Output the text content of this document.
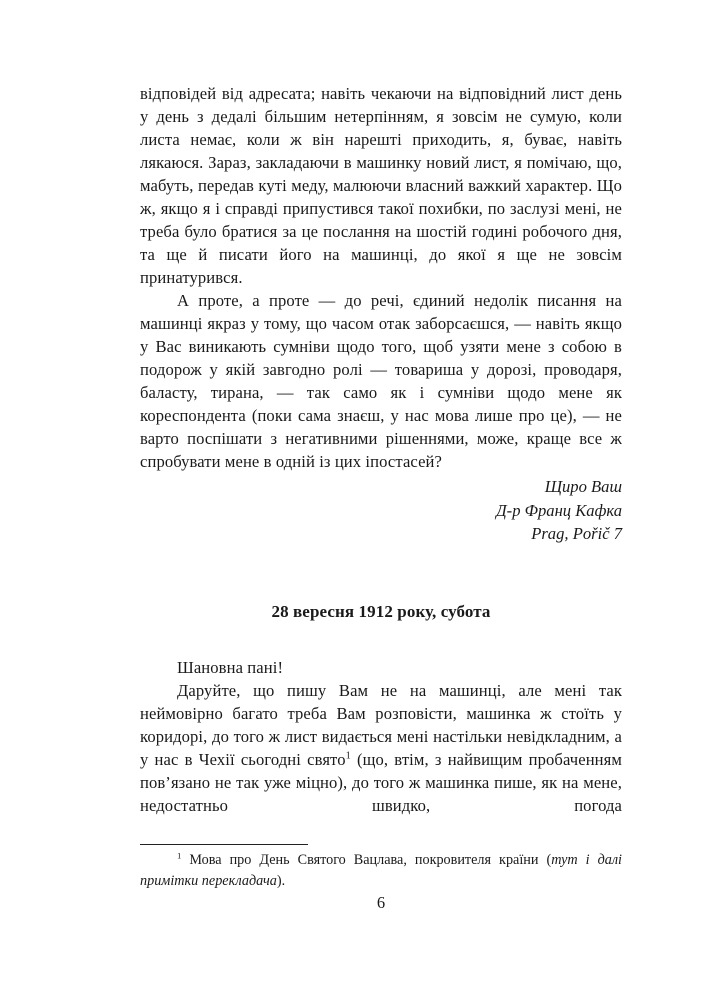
відповідей від адресата; навіть чекаючи на відповідний лист день у день з дедалі більшим нетерпінням, я зовсім не сумую, коли листа немає, коли ж він нарешті приходить, я, буває, навіть лякаюся. Зараз, закладаючи в машинку новий лист, я помічаю, що, мабуть, передав куті меду, малюючи власний важкий характер. Що ж, якщо я і справді припустився такої похибки, по заслузі мені, не треба було братися за це послання на шостій годині робочого дня, та ще й писати його на машинці, до якої я ще не зовсім принатурився.

А проте, а проте — до речі, єдиний недолік писання на машинці якраз у тому, що часом отак заборсаєшся, — навіть якщо у Вас виникають сумніви щодо того, щоб узяти мене з собою в подорож у якій завгодно ролі — товариша у дорозі, проводаря, баласту, тирана, — так само як і сумніви щодо мене як кореспондента (поки сама знаєш, у нас мова лише про це), — не варто поспішати з негативними рішеннями, може, краще все ж спробувати мене в одній із цих іпостасей?

Щиро Ваш
Д-р Франц Кафка
Prag, Pořič 7
28 вересня 1912 року, субота

Шановна пані!

Даруйте, що пишу Вам не на машинці, але мені так неймовірно багато треба Вам розповісти, машинка ж стоїть у коридорі, до того ж лист видається мені настільки невідкладним, а у нас в Чехії сьогодні свято$^1$ (що, втім, з найвищим пробаченням пов’язано не так уже міцно), до того ж машинка пише, як на мене, недостатньо швидко, погода

$^1$ Мова про День Святого Вацлава, покровителя країни (тут і далі примітки перекладача).

6
